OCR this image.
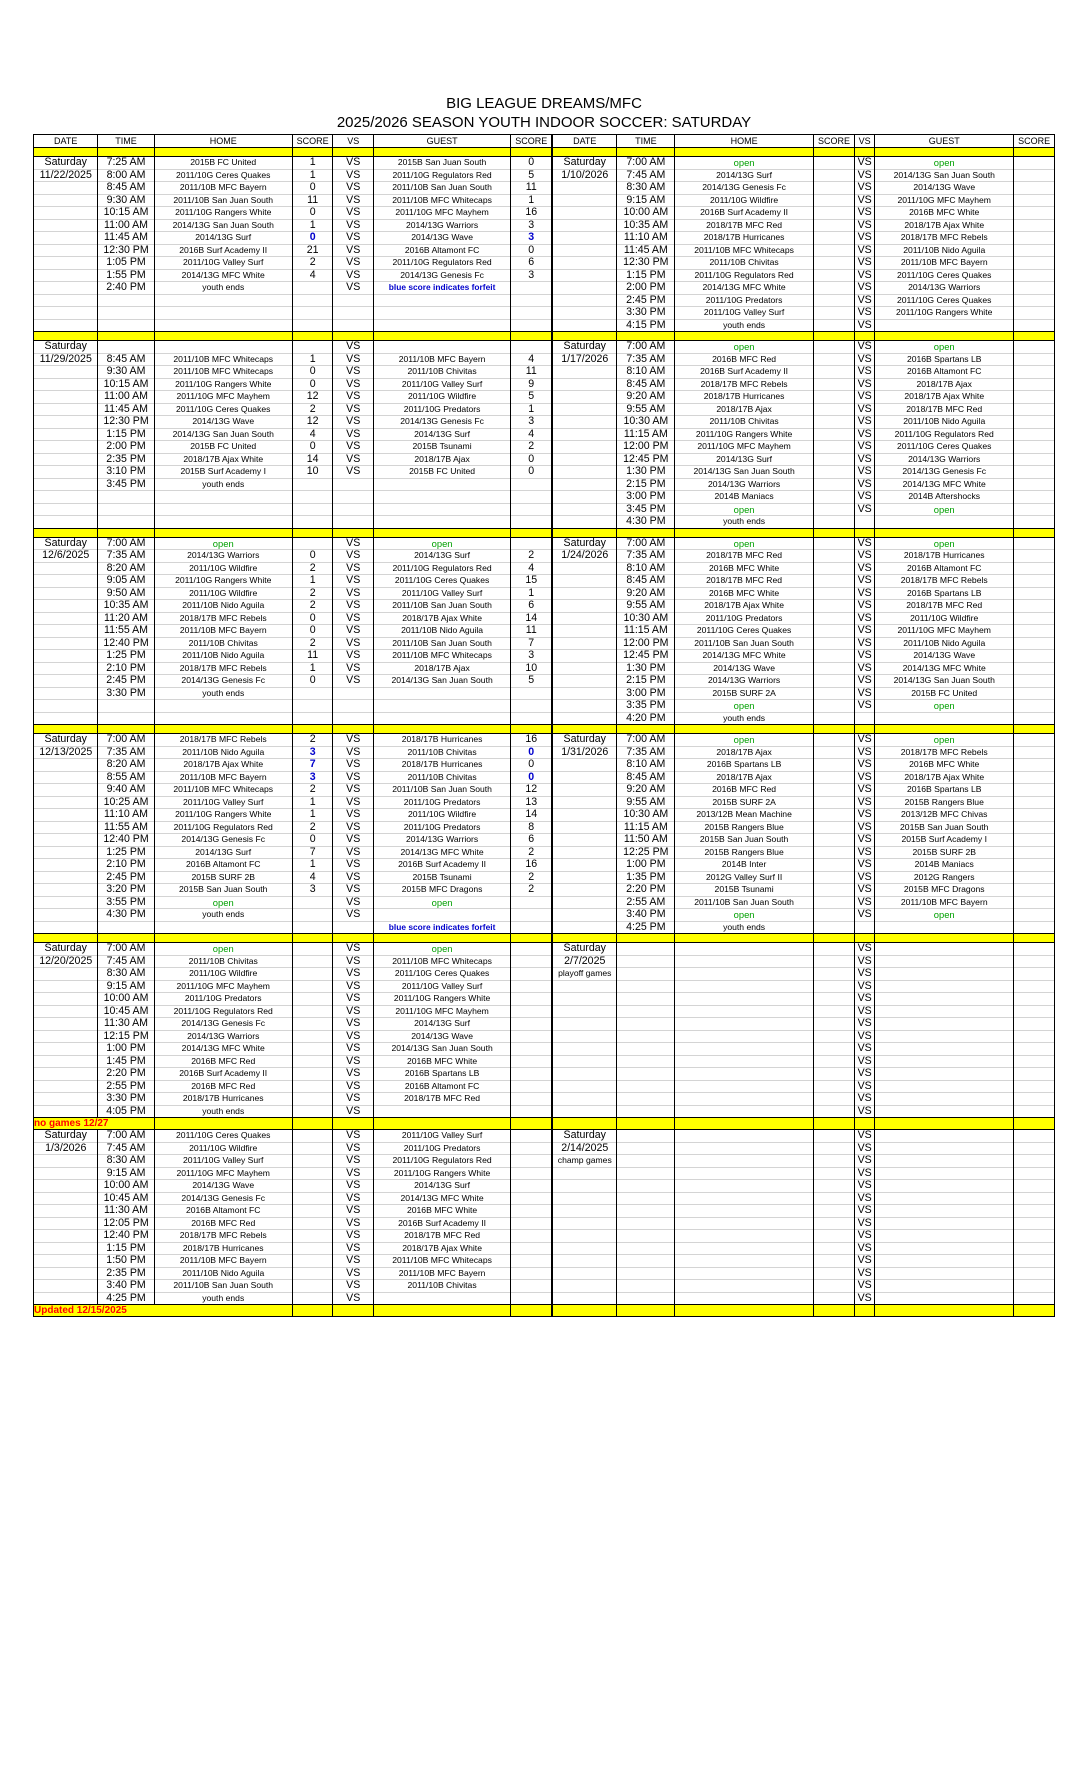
BIG LEAGUE DREAMS/MFC
2025/2026 SEASON YOUTH INDOOR SOCCER: SATURDAY
DATE	TIME	HOME	SCORE	VS	GUEST	SCORE	DATE	TIME	HOME	SCORE	VS	GUEST	SCORE

Saturday	7:25 AM	2015B FC United	1	VS	2015B San Juan South	0	Saturday	7:00 AM	open		VS	open	
11/22/2025	8:00 AM	2011/10G Ceres Quakes	1	VS	2011/10G Regulators Red	5	1/10/2026	7:45 AM	2014/13G Surf		VS	2014/13G San Juan South	
	8:45 AM	2011/10B MFC Bayern	0	VS	2011/10B San Juan South	11		8:30 AM	2014/13G Genesis Fc		VS	2014/13G Wave	
	9:30 AM	2011/10B San Juan South	11	VS	2011/10B MFC Whitecaps	1		9:15 AM	2011/10G Wildfire		VS	2011/10G MFC Mayhem	
	10:15 AM	2011/10G Rangers White	0	VS	2011/10G MFC Mayhem	16		10:00 AM	2016B Surf Academy II		VS	2016B MFC White	
	11:00 AM	2014/13G San Juan South	1	VS	2014/13G Warriors	3		10:35 AM	2018/17B MFC Red		VS	2018/17B Ajax White	
	11:45 AM	2014/13G Surf	0	VS	2014/13G Wave	3		11:10 AM	2018/17B Hurricanes		VS	2018/17B MFC Rebels	
	12:30 PM	2016B Surf Academy II	21	VS	2016B Altamont FC	0		11:45 AM	2011/10B MFC Whitecaps		VS	2011/10B Nido Aguila	
	1:05 PM	2011/10G Valley Surf	2	VS	2011/10G Regulators Red	6		12:30 PM	2011/10B Chivitas		VS	2011/10B MFC Bayern	
	1:55 PM	2014/13G MFC White	4	VS	2014/13G Genesis Fc	3		1:15 PM	2011/10G Regulators Red		VS	2011/10G Ceres Quakes	
	2:40 PM	youth ends		VS	blue score indicates forfeit			2:00 PM	2014/13G MFC White		VS	2014/13G Warriors	
								2:45 PM	2011/10G Predators		VS	2011/10G Ceres Quakes	
								3:30 PM	2011/10G Valley Surf		VS	2011/10G Rangers White	
								4:15 PM	youth ends		VS		

Saturday				VS			Saturday	7:00 AM	open		VS	open	
11/29/2025	8:45 AM	2011/10B MFC Whitecaps	1	VS	2011/10B MFC Bayern	4	1/17/2026	7:35 AM	2016B MFC Red		VS	2016B Spartans LB	
	9:30 AM	2011/10B MFC Whitecaps	0	VS	2011/10B Chivitas	11		8:10 AM	2016B Surf Academy II		VS	2016B Altamont FC	
	10:15 AM	2011/10G Rangers White	0	VS	2011/10G Valley Surf	9		8:45 AM	2018/17B MFC Rebels		VS	2018/17B Ajax	
	11:00 AM	2011/10G MFC Mayhem	12	VS	2011/10G Wildfire	5		9:20 AM	2018/17B Hurricanes		VS	2018/17B Ajax White	
	11:45 AM	2011/10G Ceres Quakes	2	VS	2011/10G Predators	1		9:55 AM	2018/17B Ajax		VS	2018/17B MFC Red	
	12:30 PM	2014/13G Wave	12	VS	2014/13G Genesis Fc	3		10:30 AM	2011/10B Chivitas		VS	2011/10B Nido Aguila	
	1:15 PM	2014/13G San Juan South	4	VS	2014/13G Surf	4		11:15 AM	2011/10G Rangers White		VS	2011/10G Regulators Red	
	2:00 PM	2015B FC United	0	VS	2015B Tsunami	2		12:00 PM	2011/10G MFC Mayhem		VS	2011/10G Ceres Quakes	
	2:35 PM	2018/17B Ajax White	14	VS	2018/17B Ajax	0		12:45 PM	2014/13G Surf		VS	2014/13G Warriors	
	3:10 PM	2015B Surf Academy I	10	VS	2015B FC United	0		1:30 PM	2014/13G San Juan South		VS	2014/13G Genesis Fc	
	3:45 PM	youth ends						2:15 PM	2014/13G Warriors		VS	2014/13G MFC White	
								3:00 PM	2014B Maniacs		VS	2014B Aftershocks	
								3:45 PM	open		VS	open	
								4:30 PM	youth ends				

Saturday	7:00 AM	open		VS	open		Saturday	7:00 AM	open		VS	open	
12/6/2025	7:35 AM	2014/13G Warriors	0	VS	2014/13G Surf	2	1/24/2026	7:35 AM	2018/17B MFC Red		VS	2018/17B Hurricanes	
	8:20 AM	2011/10G Wildfire	2	VS	2011/10G Regulators Red	4		8:10 AM	2016B MFC White		VS	2016B Altamont FC	
	9:05 AM	2011/10G Rangers White	1	VS	2011/10G Ceres Quakes	15		8:45 AM	2018/17B MFC Red		VS	2018/17B MFC Rebels	
	9:50 AM	2011/10G Wildfire	2	VS	2011/10G Valley Surf	1		9:20 AM	2016B MFC White		VS	2016B Spartans LB	
	10:35 AM	2011/10B Nido Aguila	2	VS	2011/10B San Juan South	6		9:55 AM	2018/17B Ajax White		VS	2018/17B MFC Red	
	11:20 AM	2018/17B MFC Rebels	0	VS	2018/17B Ajax White	14		10:30 AM	2011/10G Predators		VS	2011/10G Wildfire	
	11:55 AM	2011/10B MFC Bayern	0	VS	2011/10B Nido Aguila	11		11:15 AM	2011/10G Ceres Quakes		VS	2011/10G MFC Mayhem	
	12:40 PM	2011/10B Chivitas	2	VS	2011/10B San Juan South	7		12:00 PM	2011/10B San Juan South		VS	2011/10B Nido Aguila	
	1:25 PM	2011/10B Nido Aguila	11	VS	2011/10B MFC Whitecaps	3		12:45 PM	2014/13G MFC White		VS	2014/13G Wave	
	2:10 PM	2018/17B MFC Rebels	1	VS	2018/17B Ajax	10		1:30 PM	2014/13G Wave		VS	2014/13G MFC White	
	2:45 PM	2014/13G Genesis Fc	0	VS	2014/13G San Juan South	5		2:15 PM	2014/13G Warriors		VS	2014/13G San Juan South	
	3:30 PM	youth ends						3:00 PM	2015B SURF 2A		VS	2015B FC United	
								3:35 PM	open		VS	open	
								4:20 PM	youth ends				

Saturday	7:00 AM	2018/17B MFC Rebels	2	VS	2018/17B Hurricanes	16	Saturday	7:00 AM	open		VS	open	
12/13/2025	7:35 AM	2011/10B Nido Aguila	3	VS	2011/10B Chivitas	0	1/31/2026	7:35 AM	2018/17B Ajax		VS	2018/17B MFC Rebels	
	8:20 AM	2018/17B Ajax White	7	VS	2018/17B Hurricanes	0		8:10 AM	2016B Spartans LB		VS	2016B MFC White	
	8:55 AM	2011/10B MFC Bayern	3	VS	2011/10B Chivitas	0		8:45 AM	2018/17B Ajax		VS	2018/17B Ajax White	
	9:40 AM	2011/10B MFC Whitecaps	2	VS	2011/10B San Juan South	12		9:20 AM	2016B MFC Red		VS	2016B Spartans LB	
	10:25 AM	2011/10G Valley Surf	1	VS	2011/10G Predators	13		9:55 AM	2015B SURF 2A		VS	2015B Rangers Blue	
	11:10 AM	2011/10G Rangers White	1	VS	2011/10G Wildfire	14		10:30 AM	2013/12B Mean Machine		VS	2013/12B MFC Chivas	
	11:55 AM	2011/10G Regulators Red	2	VS	2011/10G Predators	8		11:15 AM	2015B Rangers Blue		VS	2015B San Juan South	
	12:40 PM	2014/13G Genesis Fc	0	VS	2014/13G Warriors	6		11:50 AM	2015B San Juan South		VS	2015B Surf Academy I	
	1:25 PM	2014/13G Surf	7	VS	2014/13G MFC White	2		12:25 PM	2015B Rangers Blue		VS	2015B SURF 2B	
	2:10 PM	2016B Altamont FC	1	VS	2016B Surf Academy II	16		1:00 PM	2014B Inter		VS	2014B Maniacs	
	2:45 PM	2015B SURF 2B	4	VS	2015B Tsunami	2		1:35 PM	2012G Valley Surf II		VS	2012G Rangers	
	3:20 PM	2015B San Juan South	3	VS	2015B MFC Dragons	2		2:20 PM	2015B Tsunami		VS	2015B MFC Dragons	
	3:55 PM	open		VS	open			2:55 AM	2011/10B San Juan South		VS	2011/10B MFC Bayern	
	4:30 PM	youth ends		VS				3:40 PM	open		VS	open	
					blue score indicates forfeit			4:25 PM	youth ends				

Saturday	7:00 AM	open		VS	open		Saturday				VS		
12/20/2025	7:45 AM	2011/10B Chivitas		VS	2011/10B MFC Whitecaps		2/7/2025				VS		
	8:30 AM	2011/10G Wildfire		VS	2011/10G Ceres Quakes		playoff games				VS		
	9:15 AM	2011/10G MFC Mayhem		VS	2011/10G Valley Surf						VS		
	10:00 AM	2011/10G Predators		VS	2011/10G Rangers White						VS		
	10:45 AM	2011/10G Regulators Red		VS	2011/10G MFC Mayhem						VS		
	11:30 AM	2014/13G Genesis Fc		VS	2014/13G Surf						VS		
	12:15 PM	2014/13G Warriors		VS	2014/13G Wave						VS		
	1:00 PM	2014/13G MFC White		VS	2014/13G San Juan South						VS		
	1:45 PM	2016B MFC Red		VS	2016B MFC White						VS		
	2:20 PM	2016B Surf Academy II		VS	2016B Spartans LB						VS		
	2:55 PM	2016B MFC Red		VS	2016B Altamont FC						VS		
	3:30 PM	2018/17B Hurricanes		VS	2018/17B MFC Red						VS		
	4:05 PM	youth ends		VS							VS		
no games 12/27													
Saturday	7:00 AM	2011/10G Ceres Quakes		VS	2011/10G Valley Surf		Saturday				VS		
1/3/2026	7:45 AM	2011/10G Wildfire		VS	2011/10G Predators		2/14/2025				VS		
	8:30 AM	2011/10G Valley Surf		VS	2011/10G Regulators Red		champ games				VS		
	9:15 AM	2011/10G MFC Mayhem		VS	2011/10G Rangers White						VS		
	10:00 AM	2014/13G Wave		VS	2014/13G Surf						VS		
	10:45 AM	2014/13G Genesis Fc		VS	2014/13G MFC White						VS		
	11:30 AM	2016B Altamont FC		VS	2016B MFC White						VS		
	12:05 PM	2016B MFC Red		VS	2016B Surf Academy II						VS		
	12:40 PM	2018/17B MFC Rebels		VS	2018/17B MFC Red						VS		
	1:15 PM	2018/17B Hurricanes		VS	2018/17B Ajax White						VS		
	1:50 PM	2011/10B MFC Bayern		VS	2011/10B MFC Whitecaps						VS		
	2:35 PM	2011/10B Nido Aguila		VS	2011/10B MFC Bayern						VS		
	3:40 PM	2011/10B San Juan South		VS	2011/10B Chivitas						VS		
	4:25 PM	youth ends		VS							VS		
Updated 12/15/2025													
